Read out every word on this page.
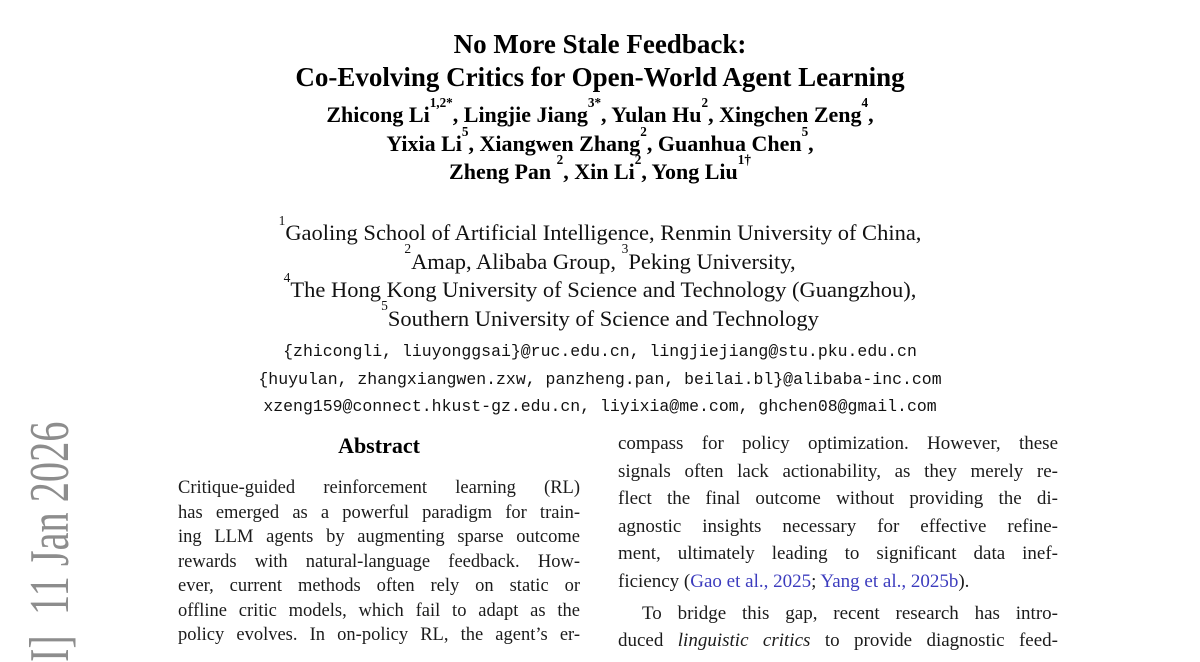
I]  11 Jan 2026
No More Stale Feedback:
Co-Evolving Critics for Open-World Agent Learning
Zhicong $Li^{1,2*}$, Lingjie Jiang$^{3*}$, Yulan Hu$^2$, Xingchen Zeng$^4$,
Yixia Li$^5$, Xiangwen Zhang$^2$, Guanhua Chen$^5$,
Zheng Pan $^2$, Xin Li$^2$, Yong Liu$^{1\dagger}$
$^1$Gaoling School of Artificial Intelligence, Renmin University of China,
$^2$Amap, Alibaba Group, $^3$Peking University,
$^4$The Hong Kong University of Science and Technology (Guangzhou),
$^5$Southern University of Science and Technology
{zhicongli, liuyonggsai}@ruc.edu.cn, lingjiejiang@stu.pku.edu.cn
{huyulan, zhangxiangwen.zxw, panzheng.pan, beilai.bl}@alibaba-inc.com
xzeng159@connect.hkust-gz.edu.cn, liyixia@me.com, ghchen08@gmail.com
Abstract
Critique-guided reinforcement learning (RL)
has emerged as a powerful paradigm for train-
ing LLM agents by augmenting sparse outcome
rewards with natural-language feedback. How-
ever, current methods often rely on static or
offline critic models, which fail to adapt as the
policy evolves. In on-policy RL, the agent’s er-
compass for policy optimization. However, these
signals often lack actionability, as they merely re-
flect the final outcome without providing the di-
agnostic insights necessary for effective refine-
ment, ultimately leading to significant data inef-
ficiency (Gao et al., 2025; Yang et al., 2025b).
To bridge this gap, recent research has intro-
duced linguistic critics to provide diagnostic feed-
